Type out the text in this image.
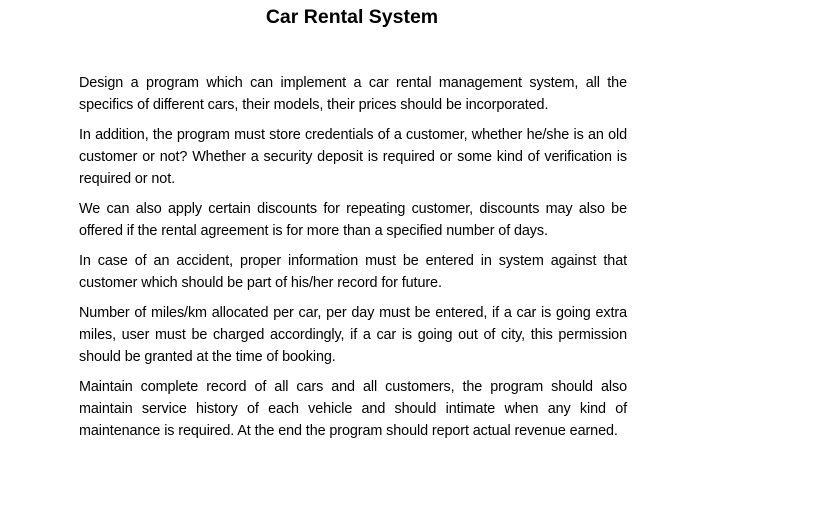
Car Rental System

Design a program which can implement a car rental management system, all the specifics of different cars, their models, their prices should be incorporated.

In addition, the program must store credentials of a customer, whether he/she is an old customer or not? Whether a security deposit is required or some kind of verification is required or not.

We can also apply certain discounts for repeating customer, discounts may also be offered if the rental agreement is for more than a specified number of days.

In case of an accident, proper information must be entered in system against that customer which should be part of his/her record for future.

Number of miles/km allocated per car, per day must be entered, if a car is going extra miles, user must be charged accordingly, if a car is going out of city, this permission should be granted at the time of booking.

Maintain complete record of all cars and all customers, the program should also maintain service history of each vehicle and should intimate when any kind of maintenance is required. At the end the program should report actual revenue earned.
